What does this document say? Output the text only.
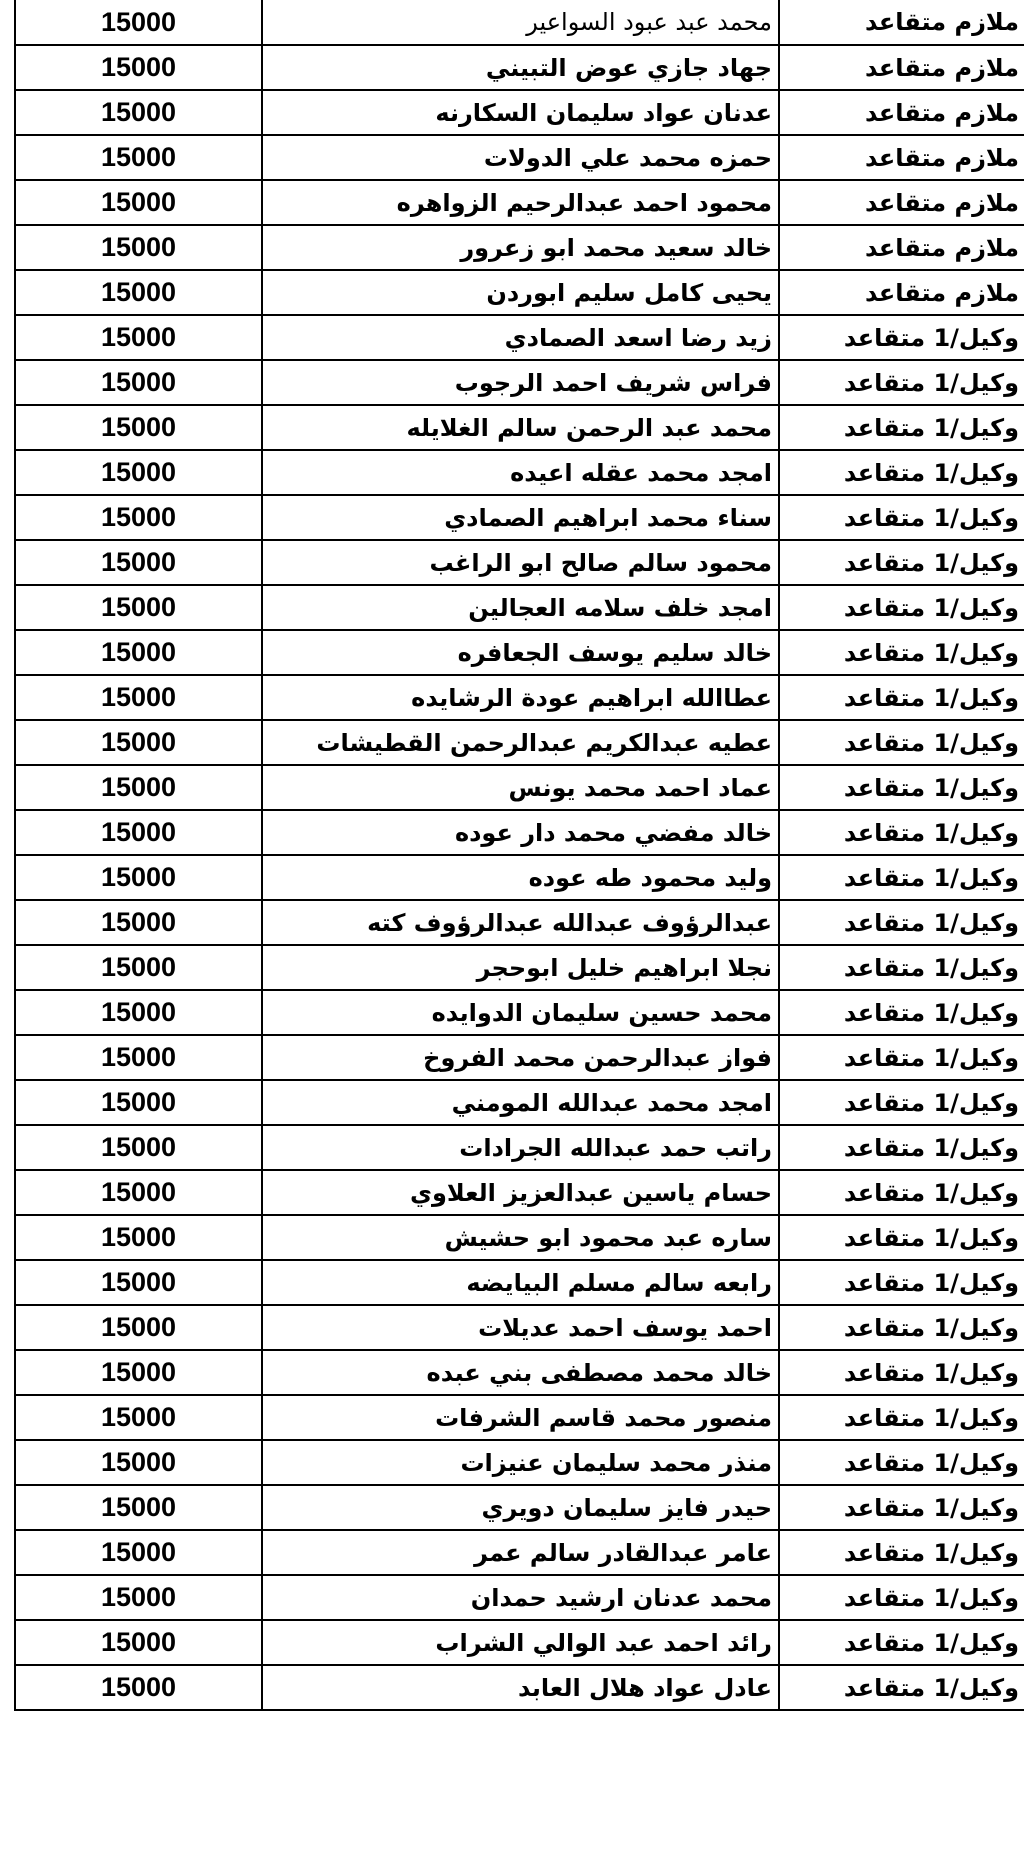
15000	محمد عبد عبود السواعير	ملازم متقاعد
15000	جهاد جازي عوض التبيني	ملازم متقاعد
15000	عدنان عواد سليمان السكارنه	ملازم متقاعد
15000	حمزه محمد علي الدولات	ملازم متقاعد
15000	محمود احمد عبدالرحيم الزواهره	ملازم متقاعد
15000	خالد سعيد محمد ابو زعرور	ملازم متقاعد
15000	يحيى كامل سليم ابوردن	ملازم متقاعد
15000	زيد رضا اسعد الصمادي	وكيل/1 متقاعد
15000	فراس شريف احمد الرجوب	وكيل/1 متقاعد
15000	محمد عبد الرحمن سالم الغلايله	وكيل/1 متقاعد
15000	امجد محمد عقله اعيده	وكيل/1 متقاعد
15000	سناء محمد ابراهيم الصمادي	وكيل/1 متقاعد
15000	محمود سالم صالح ابو الراغب	وكيل/1 متقاعد
15000	امجد خلف سلامه العجالين	وكيل/1 متقاعد
15000	خالد سليم يوسف الجعافره	وكيل/1 متقاعد
15000	عطاالله ابراهيم عودة الرشايده	وكيل/1 متقاعد
15000	عطيه عبدالكريم عبدالرحمن القطيشات	وكيل/1 متقاعد
15000	عماد احمد محمد يونس	وكيل/1 متقاعد
15000	خالد مفضي محمد دار عوده	وكيل/1 متقاعد
15000	وليد محمود طه عوده	وكيل/1 متقاعد
15000	عبدالرؤوف عبدالله عبدالرؤوف كته	وكيل/1 متقاعد
15000	نجلا ابراهيم خليل ابوحجر	وكيل/1 متقاعد
15000	محمد حسين سليمان الدوايده	وكيل/1 متقاعد
15000	فواز عبدالرحمن محمد الفروخ	وكيل/1 متقاعد
15000	امجد محمد عبدالله المومني	وكيل/1 متقاعد
15000	راتب حمد عبدالله الجرادات	وكيل/1 متقاعد
15000	حسام ياسين عبدالعزيز العلاوي	وكيل/1 متقاعد
15000	ساره عبد محمود ابو حشيش	وكيل/1 متقاعد
15000	رابعه سالم مسلم البيايضه	وكيل/1 متقاعد
15000	احمد يوسف احمد عديلات	وكيل/1 متقاعد
15000	خالد محمد مصطفى بني عبده	وكيل/1 متقاعد
15000	منصور محمد قاسم الشرفات	وكيل/1 متقاعد
15000	منذر محمد سليمان عنيزات	وكيل/1 متقاعد
15000	حيدر فايز سليمان دويري	وكيل/1 متقاعد
15000	عامر عبدالقادر سالم عمر	وكيل/1 متقاعد
15000	محمد عدنان ارشيد حمدان	وكيل/1 متقاعد
15000	رائد احمد عبد الوالي الشراب	وكيل/1 متقاعد
15000	عادل عواد هلال العابد	وكيل/1 متقاعد
